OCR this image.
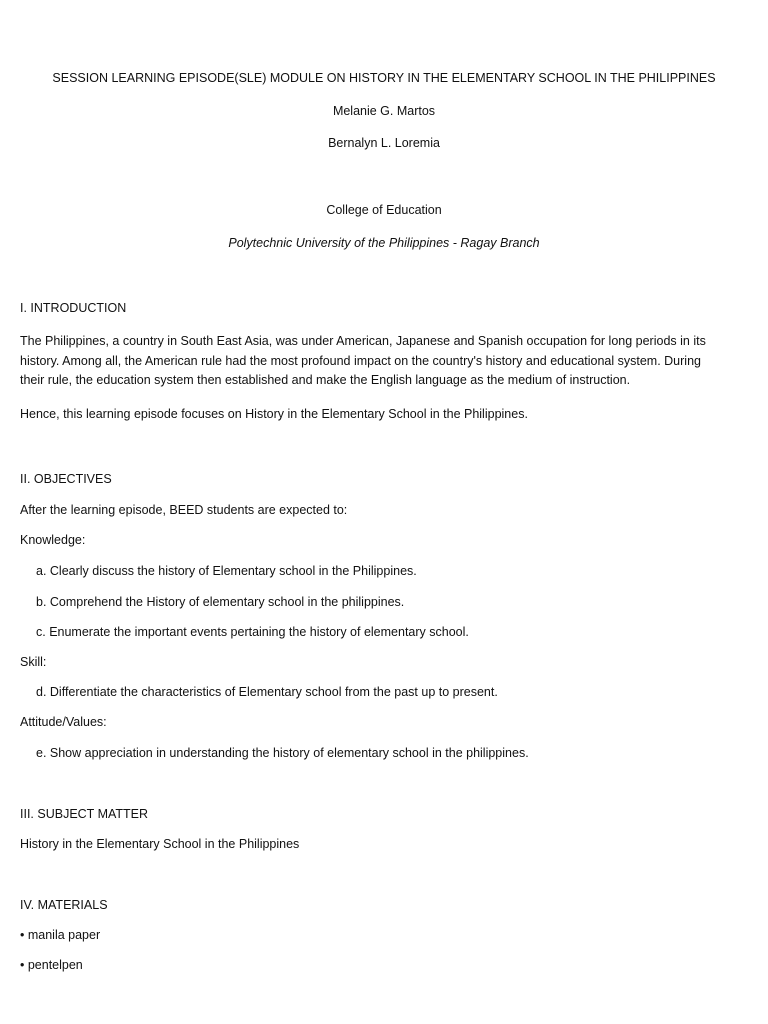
SESSION LEARNING EPISODE(SLE) MODULE ON HISTORY IN THE ELEMENTARY SCHOOL IN THE PHILIPPINES

Melanie G. Martos

Bernalyn L. Loremia

College of Education

Polytechnic University of the Philippines - Ragay Branch

I. INTRODUCTION

The Philippines, a country in South East Asia, was under American, Japanese and Spanish occupation for long periods in its history. Among all, the American rule had the most profound impact on the country's history and educational system. During their rule, the education system then established and make the English language as the medium of instruction.

Hence, this learning episode focuses on History in the Elementary School in the Philippines.

II. OBJECTIVES

After the learning episode, BEED students are expected to:

Knowledge:

a. Clearly discuss the history of Elementary school in the Philippines.

b. Comprehend the History of elementary school in the philippines.

c. Enumerate the important events pertaining the history of elementary school.

Skill:

d. Differentiate the characteristics of Elementary school from the past up to present.

Attitude/Values:

e. Show appreciation in understanding the history of elementary school in the philippines.

III. SUBJECT MATTER

History in the Elementary School in the Philippines

IV. MATERIALS

• manila paper

• pentelpen
